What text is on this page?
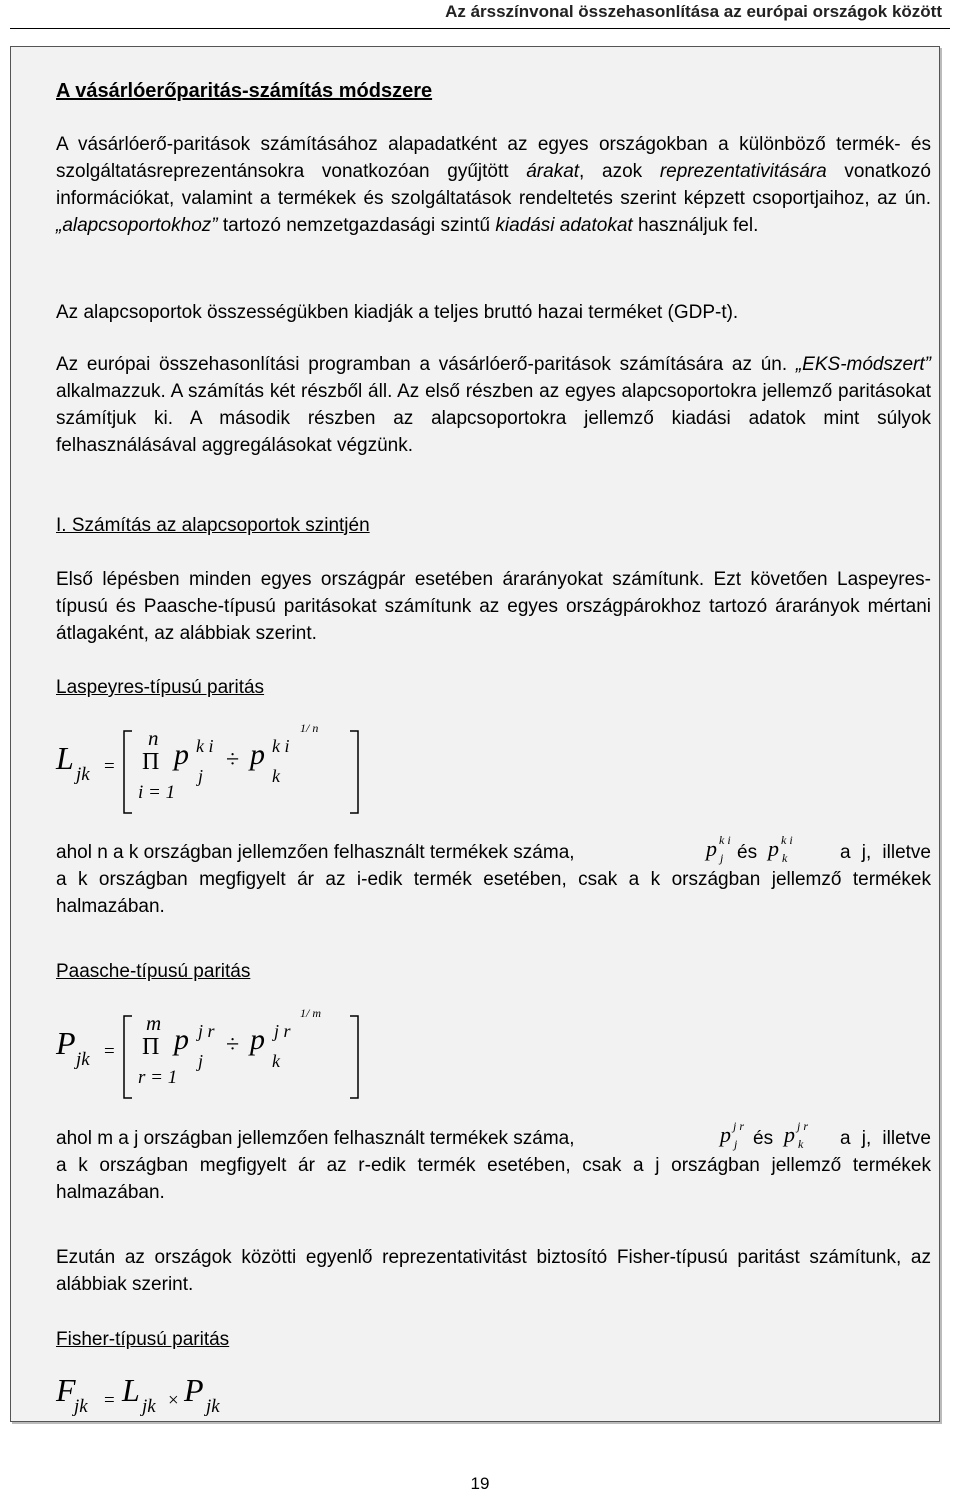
Az ársszínvonal összehasonlítása az európai országok között
A vásárlóerőparitás-számítás módszere

A vásárlóerő-paritások számításához alapadatként az egyes országokban a különböző termék- és szolgáltatásreprezentánsokra vonatkozóan gyűjtött árakat, azok reprezentativitására vonatkozó információkat, valamint a termékek és szolgáltatások rendeltetés szerint képzett csoportjaihoz, az ún. „alapcsoportokhoz” tartozó nemzetgazdasági szintű kiadási adatokat használjuk fel.

Az alapcsoportok összességükben kiadják a teljes bruttó hazai terméket (GDP-t).

Az európai összehasonlítási programban a vásárlóerő-paritások számítására az ún. „EKS-módszert” alkalmazzuk. A számítás két részből áll. Az első részben az egyes alapcsoportokra jellemző paritásokat számítjuk ki. A második részben az alapcsoportokra jellemző kiadási adatok mint súlyok felhasználásával aggregálásokat végzünk.

I. Számítás az alapcsoportok szintjén

Első lépésben minden egyes országpár esetében árarányokat számítunk. Ezt követően Laspeyres-típusú és Paasche-típusú paritásokat számítunk az egyes országpárokhoz tartozó árarányok mértani átlagaként, az alábbiak szerint.

Laspeyres-típusú paritás

L jk =
n
Π
i = 1
p k i
j
÷ p k i
k
1/ n
ahol n a k országban jellemzően felhasznált termékek száma,	p k i
j és p k i
k	a j, illetve a k országban megfigyelt ár az i-edik termék esetében, csak a k országban jellemző termékek halmazában.

Paasche-típusú paritás

P jk =
m
Π
r = 1
p j r
j
÷ p j r
k
1/ m
ahol m a j országban jellemzően felhasznált termékek száma,	p j r
j és p j r
k	a j, illetve a k országban megfigyelt ár az r-edik termék esetében, csak a j országban jellemző termékek halmazában.

Ezután az országok közötti egyenlő reprezentativitást biztosító Fisher-típusú paritást számítunk, az alábbiak szerint.

Fisher-típusú paritás

F
jk = L jk × P jk
19
